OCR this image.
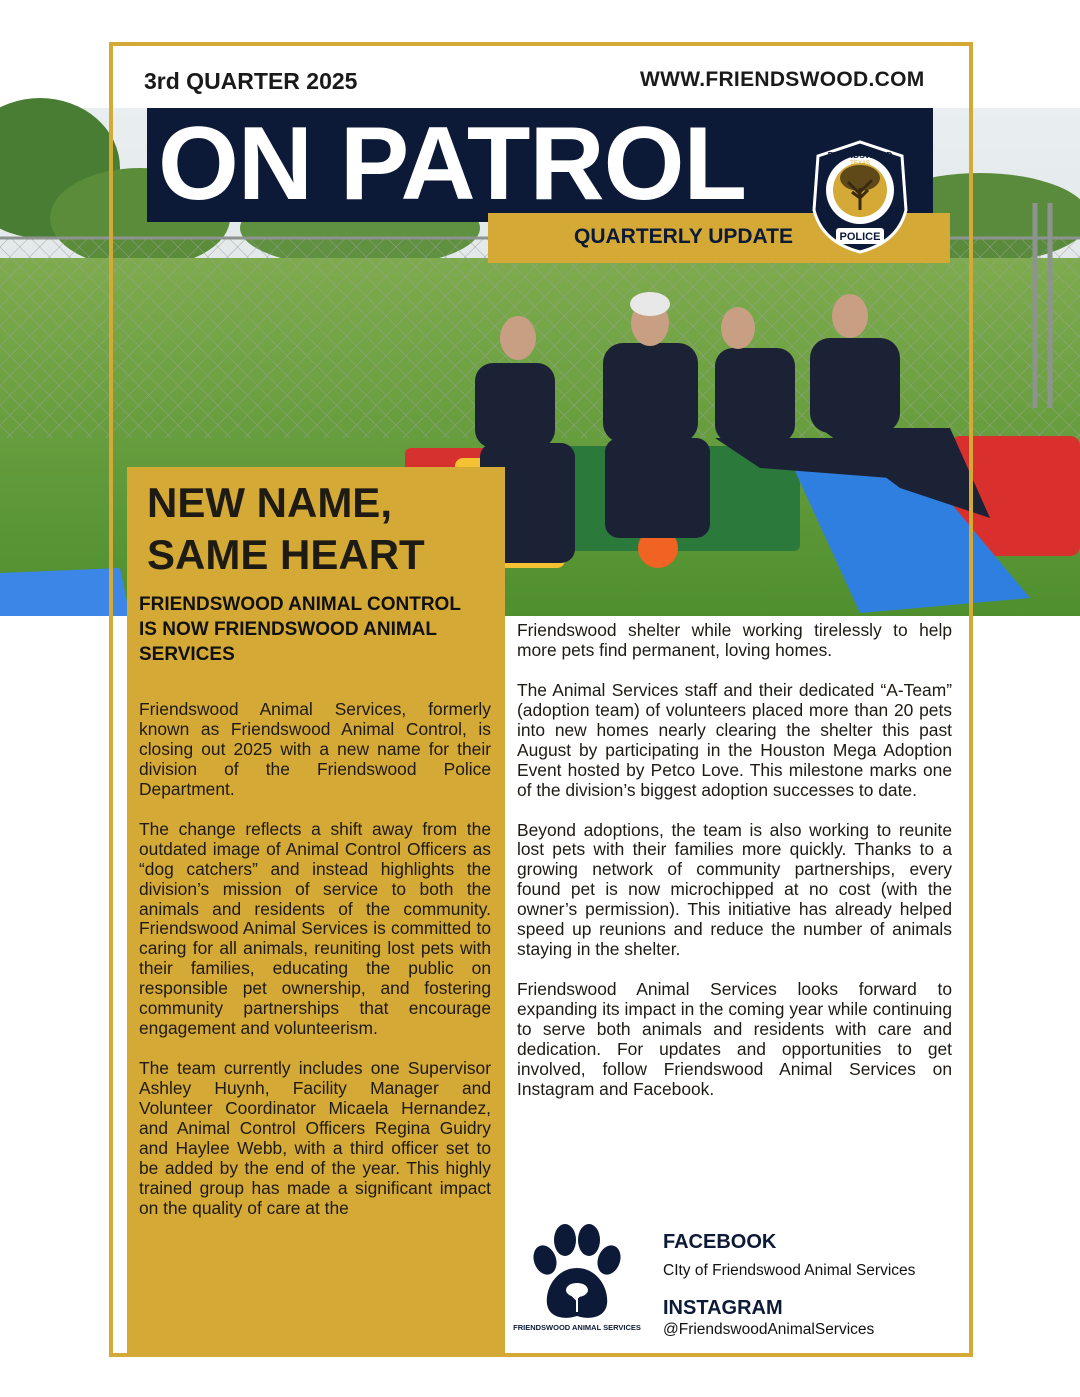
3rd QUARTER 2025	WWW.FRIENDSWOOD.COM
ON PATROL
QUARTERLY UPDATE
FRIENDSWOOD
TEXAS
POLICE
NEW NAME,
SAME HEART
FRIENDSWOOD ANIMAL CONTROL IS NOW FRIENDSWOOD ANIMAL SERVICES

Friendswood Animal Services, formerly known as Friendswood Animal Control, is closing out 2025 with a new name for their division of the Friendswood Police Department.

The change reflects a shift away from the outdated image of Animal Control Officers as “dog catchers” and instead highlights the division’s mission of service to both the animals and residents of the community. Friendswood Animal Services is committed to caring for all animals, reuniting lost pets with their families, educating the public on responsible pet ownership, and fostering community partnerships that encourage engagement and volunteerism.

The team currently includes one Supervisor Ashley Huynh, Facility Manager and Volunteer Coordinator Micaela Hernandez, and Animal Control Officers Regina Guidry and Haylee Webb, with a third officer set to be added by the end of the year. This highly trained group has made a significant impact on the quality of care at the

Friendswood shelter while working tirelessly to help more pets find permanent, loving homes.

The Animal Services staff and their dedicated “A-Team” (adoption team) of volunteers placed more than 20 pets into new homes nearly clearing the shelter this past August by participating in the Houston Mega Adoption Event hosted by Petco Love. This milestone marks one of the division’s biggest adoption successes to date.

Beyond adoptions, the team is also working to reunite lost pets with their families more quickly. Thanks to a growing network of community partnerships, every found pet is now microchipped at no cost (with the owner’s permission). This initiative has already helped speed up reunions and reduce the number of animals staying in the shelter.

Friendswood Animal Services looks forward to expanding its impact in the coming year while continuing to serve both animals and residents with care and dedication. For updates and opportunities to get involved, follow Friendswood Animal Services on Instagram and Facebook.

FRIENDSWOOD ANIMAL SERVICES
FACEBOOK
CIty of Friendswood Animal Services
INSTAGRAM
@FriendswoodAnimalServices
